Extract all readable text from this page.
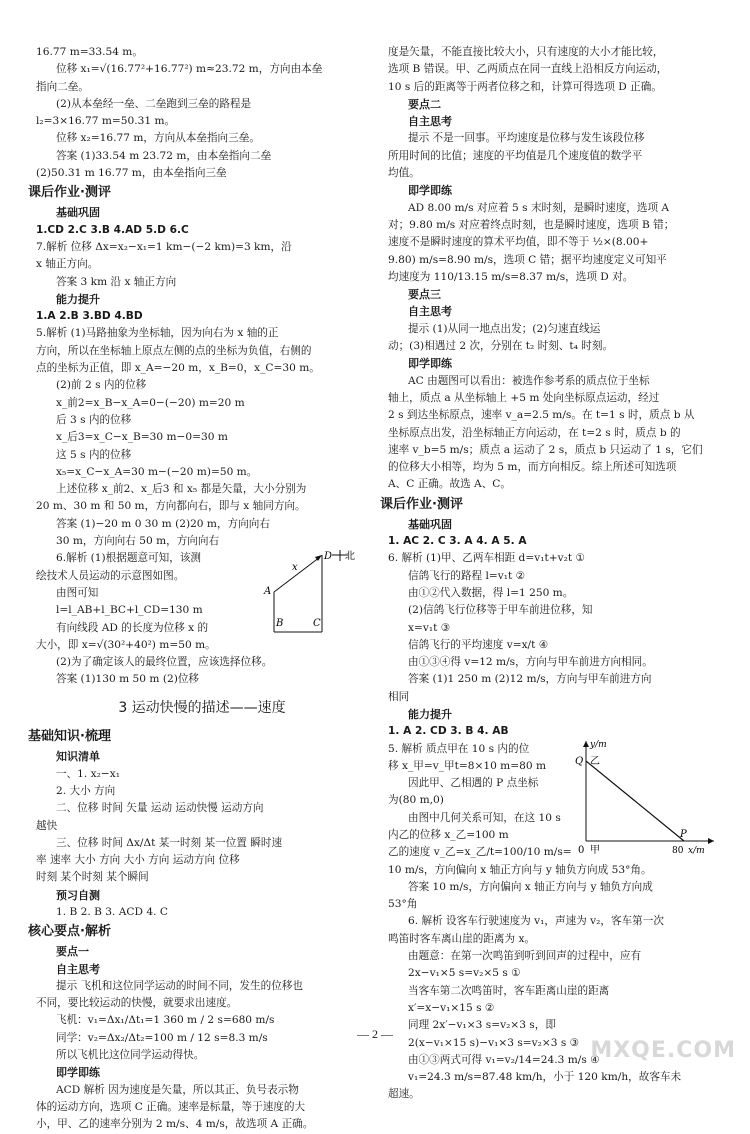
16.77 m=33.54 m。

位移 x₁=√(16.77²+16.77²) m≈23.72 m，方向由本垒

指向二垒。

(2)从本垒经一垒、二垒跑到三垒的路程是

l₂=3×16.77 m=50.31 m。

位移 x₂=16.77 m，方向从本垒指向三垒。

答案 (1)33.54 m 23.72 m，由本垒指向二垒

(2)50.31 m 16.77 m，由本垒指向三垒

课后作业·测评

基础巩固

1.CD 2.C 3.B 4.AD 5.D 6.C

7.解析 位移 Δx=x₂−x₁=1 km−(−2 km)=3 km，沿

x 轴正方向。

答案 3 km 沿 x 轴正方向

能力提升

1.A 2.B 3.BD 4.BD

5.解析 (1)马路抽象为坐标轴，因为向右为 x 轴的正

方向，所以在坐标轴上原点左侧的点的坐标为负值，右侧的

点的坐标为正值，即 x_A=−20 m，x_B=0，x_C=30 m。

(2)前 2 s 内的位移

x_前2=x_B−x_A=0−(−20) m=20 m

后 3 s 内的位移

x_后3=x_C−x_B=30 m−0=30 m

这 5 s 内的位移

x₅=x_C−x_A=30 m−(−20 m)=50 m。

上述位移 x_前2、x_后3 和 x₅ 都是矢量，大小分别为

20 m、30 m 和 50 m，方向都向右，即与 x 轴同方向。

答案 (1)−20 m 0 30 m (2)20 m，方向向右

30 m，方向向右 50 m，方向向右

6.解析 (1)根据题意可知，该测

绘技术人员运动的示意图如图。

由图可知

l=l_AB+l_BC+l_CD=130 m

有向线段 AD 的长度为位移 x 的

大小，即 x=√(30²+40²) m=50 m。

(2)为了确定该人的最终位置，应该选择位移。

答案 (1)130 m 50 m (2)位移

北
A
B	C
D
x

3 运动快慢的描述——速度

基础知识·梳理

知识清单

一、1. x₂−x₁

2. 大小 方向

二、位移 时间 矢量 运动 运动快慢 运动方向

越快

三、位移 时间 Δx/Δt 某一时刻 某一位置 瞬时速

率 速率 大小 方向 大小 方向 运动方向 位移

时刻 某个时刻 某个瞬间

预习自测

1. B 2. B 3. ACD 4. C

核心要点·解析

要点一

自主思考

提示 飞机和这位同学运动的时间不同，发生的位移也

不同，要比较运动的快慢，就要求出速度。

飞机：v₁=Δx₁/Δt₁=1 360 m / 2 s=680 m/s

同学：v₂=Δx₂/Δt₂=100 m / 12 s=8.3 m/s

所以飞机比这位同学运动得快。

即学即练

ACD 解析 因为速度是矢量，所以其正、负号表示物

体的运动方向，选项 C 正确。速率是标量，等于速度的大

小，甲、乙的速率分别为 2 m/s、4 m/s，故选项 A 正确。

度是矢量，不能直接比较大小，只有速度的大小才能比较，

选项 B 错误。甲、乙两质点在同一直线上沿相反方向运动，

10 s 后的距离等于两者位移之和，计算可得选项 D 正确。

要点二

自主思考

提示 不是一回事。平均速度是位移与发生该段位移

所用时间的比值；速度的平均值是几个速度值的数学平

均值。

即学即练

AD 8.00 m/s 对应着 5 s 末时刻，是瞬时速度，选项 A

对；9.80 m/s 对应着终点时刻，也是瞬时速度，选项 B 错；

速度不是瞬时速度的算术平均值，即不等于 ½×(8.00+

9.80) m/s=8.90 m/s，选项 C 错；据平均速度定义可知平

均速度为 110/13.15 m/s=8.37 m/s，选项 D 对。

要点三

自主思考

提示 (1)从同一地点出发；(2)匀速直线运

动；(3)相遇过 2 次，分别在 t₂ 时刻、t₄ 时刻。

即学即练

AC 由题图可以看出：被选作参考系的质点位于坐标

轴上，质点 a 从坐标轴上 +5 m 处向坐标原点运动，经过

2 s 到达坐标原点，速率 v_a=2.5 m/s。在 t=1 s 时，质点 b 从

坐标原点出发，沿坐标轴正方向运动，在 t=2 s 时，质点 b 的

速率 v_b=5 m/s；质点 a 运动了 2 s，质点 b 只运动了 1 s，它们

的位移大小相等，均为 5 m，而方向相反。综上所述可知选项

A、C 正确。故选 A、C。

课后作业·测评

基础巩固

1. AC 2. C 3. A 4. A 5. A

6. 解析 (1)甲、乙两车相距 d=v₁t+v₂t ①

信鸽飞行的路程 l=v₁t ②

由①②代入数据，得 l=1 250 m。

(2)信鸽飞行位移等于甲车前进位移，知

x=v₁t ③

信鸽飞行的平均速度 v=x/t ④

由①③④得 v=12 m/s，方向与甲车前进方向相同。

答案 (1)1 250 m (2)12 m/s，方向与甲车前进方向

相同

能力提升

1. A 2. CD 3. B 4. AB

5. 解析 质点甲在 10 s 内的位

移 x_甲=v_甲t=8×10 m=80 m

因此甲、乙相遇的 P 点坐标

为(80 m,0)

由图中几何关系可知，在这 10 s

内乙的位移 x_乙=100 m

乙的速度 v_乙=x_乙/t=100/10 m/s=

y/m
Q 乙
0 甲
P
80 x/m

10 m/s，方向偏向 x 轴正方向与 y 轴负方向成 53°角。

答案 10 m/s，方向偏向 x 轴正方向与 y 轴负方向成

53°角

6. 解析 设客车行驶速度为 v₁，声速为 v₂，客车第一次

鸣笛时客车离山崖的距离为 x。

由题意：在第一次鸣笛到听到回声的过程中，应有

2x−v₁×5 s=v₂×5 s ①

当客车第二次鸣笛时，客车距离山崖的距离

x′=x−v₁×15 s ②

同理 2x′−v₁×3 s=v₂×3 s，即

2(x−v₁×15 s)−v₁×3 s=v₂×3 s ③

由①③两式可得 v₁=v₂/14=24.3 m/s ④

v₁=24.3 m/s=87.48 km/h，小于 120 km/h，故客车未

超速。

— 2 —
MXQE.COM
